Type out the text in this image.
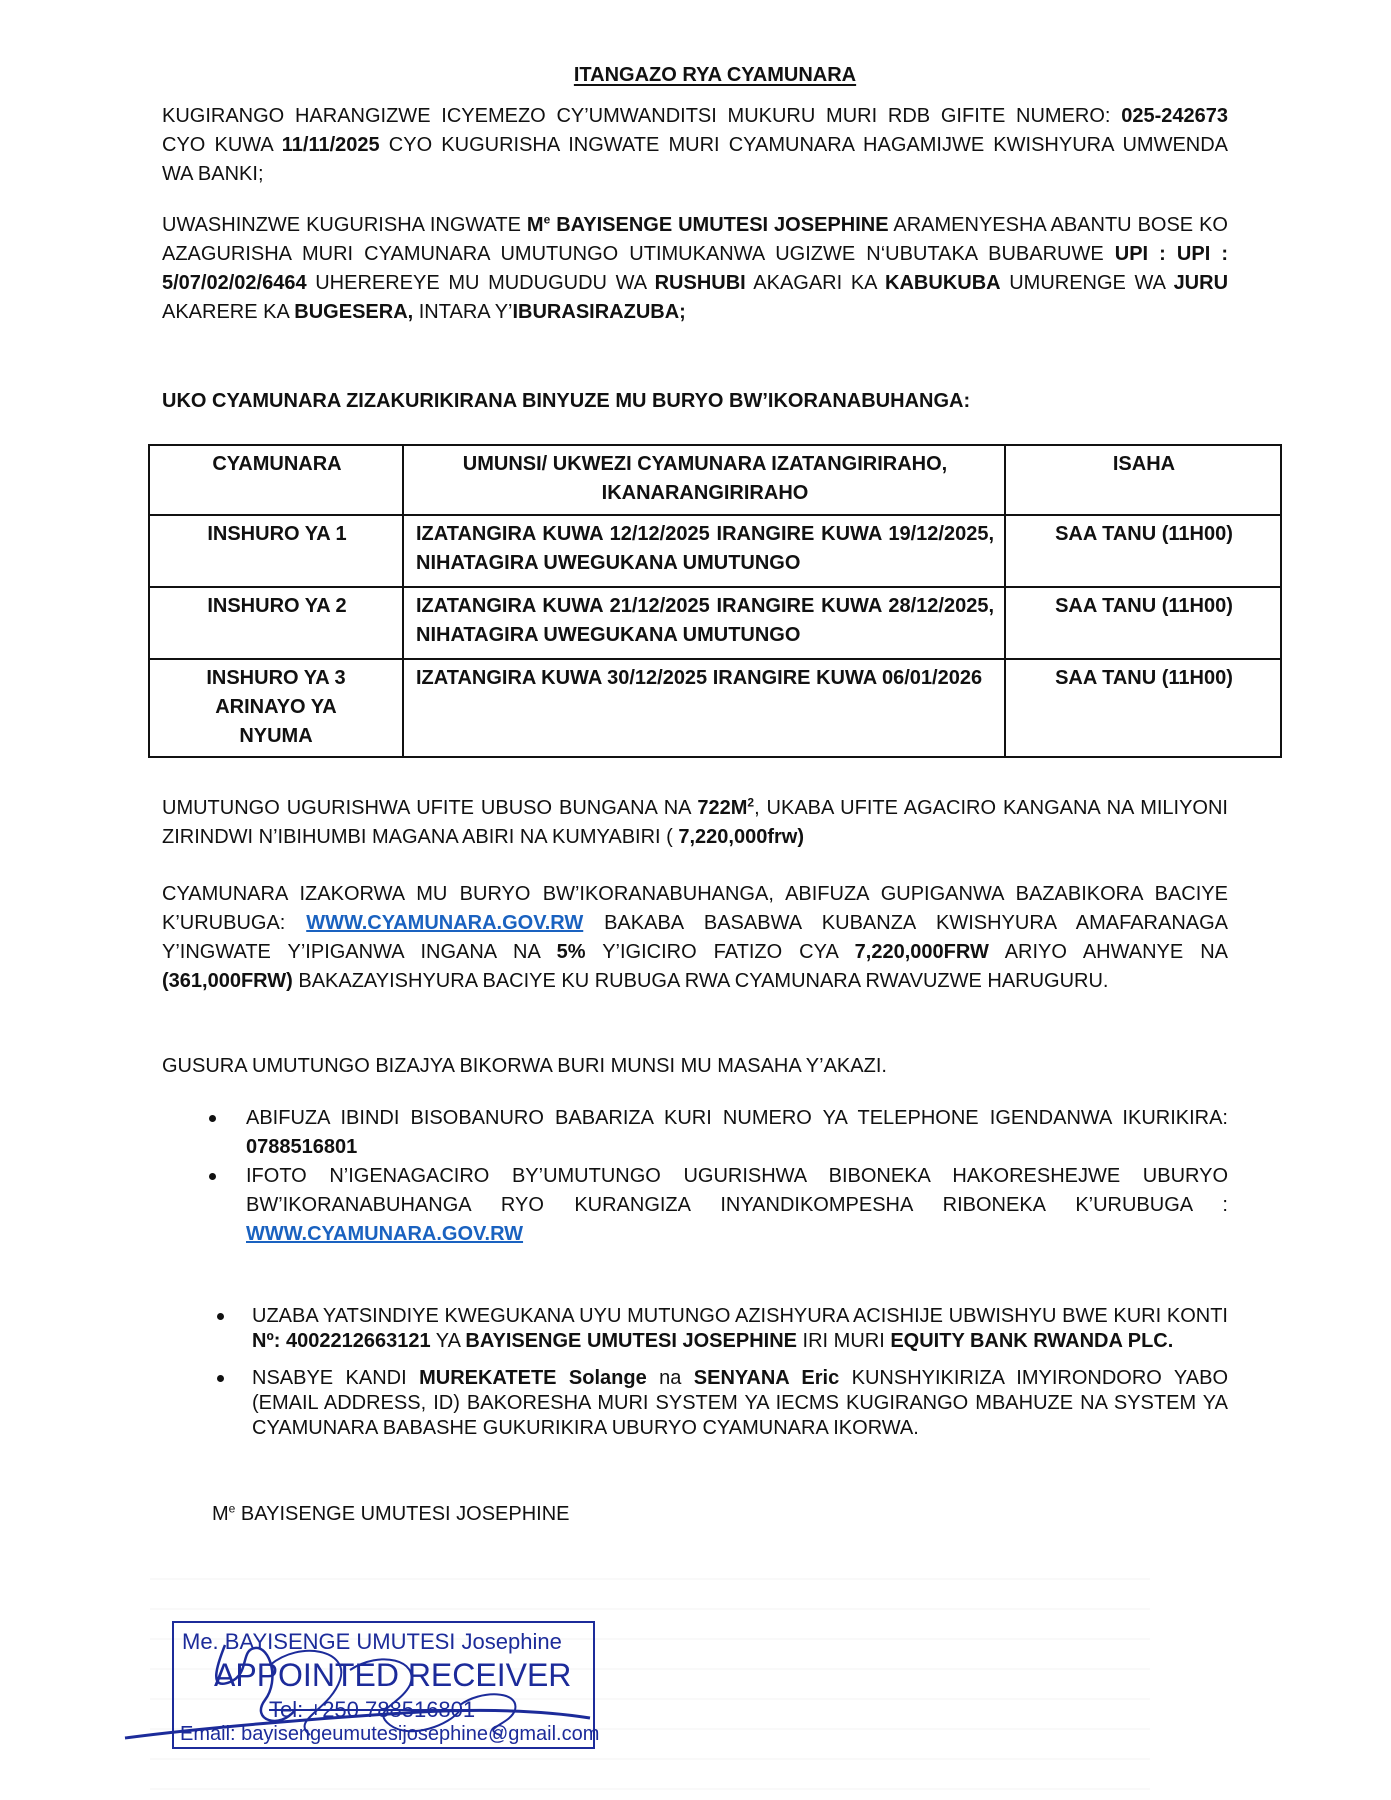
ITANGAZO RYA CYAMUNARA
KUGIRANGO HARANGIZWE ICYEMEZO CY’UMWANDITSI MUKURU MURI RDB GIFITE NUMERO: 025-242673 CYO KUWA 11/11/2025 CYO KUGURISHA INGWATE MURI CYAMUNARA HAGAMIJWE KWISHYURA UMWENDA WA BANKI;
UWASHINZWE KUGURISHA INGWATE Me BAYISENGE UMUTESI JOSEPHINE ARAMENYESHA ABANTU BOSE KO AZAGURISHA MURI CYAMUNARA UMUTUNGO UTIMUKANWA UGIZWE N‘UBUTAKA BUBARUWE UPI : UPI : 5/07/02/02/6464 UHEREREYE MU MUDUGUDU WA RUSHUBI AKAGARI KA KABUKUBA UMURENGE WA JURU AKARERE KA BUGESERA, INTARA Y’IBURASIRAZUBA;
UKO CYAMUNARA ZIZAKURIKIRANA BINYUZE MU BURYO BW’IKORANABUHANGA:
CYAMUNARA	UMUNSI/ UKWEZI CYAMUNARA IZATANGIRIRAHO, IKANARANGIRIRAHO	ISAHA
INSHURO YA 1	IZATANGIRA KUWA 12/12/2025 IRANGIRE KUWA 19/12/2025, NIHATAGIRA UWEGUKANA UMUTUNGO	SAA TANU (11H00)
INSHURO YA 2	IZATANGIRA KUWA 21/12/2025 IRANGIRE KUWA 28/12/2025, NIHATAGIRA UWEGUKANA UMUTUNGO	SAA TANU (11H00)
INSHURO YA 3 ARINAYO YA NYUMA	IZATANGIRA KUWA 30/12/2025 IRANGIRE KUWA 06/01/2026	SAA TANU (11H00)
UMUTUNGO UGURISHWA UFITE UBUSO BUNGANA NA $722M^2$, UKABA UFITE AGACIRO KANGANA NA MILIYONI ZIRINDWI N’IBIHUMBI MAGANA ABIRI NA KUMYABIRI ( 7,220,000frw)
CYAMUNARA IZAKORWA MU BURYO BW’IKORANABUHANGA, ABIFUZA GUPIGANWA BAZABIKORA BACIYE K’URUBUGA: WWW.CYAMUNARA.GOV.RW BAKABA BASABWA KUBANZA KWISHYURA AMAFARANAGA Y’INGWATE Y’IPIGANWA INGANA NA 5% Y’IGICIRO FATIZO CYA 7,220,000FRW ARIYO AHWANYE NA (361,000FRW) BAKAZAYISHYURA BACIYE KU RUBUGA RWA CYAMUNARA RWAVUZWE HARUGURU.
GUSURA UMUTUNGO BIZAJYA BIKORWA BURI MUNSI MU MASAHA Y’AKAZI.
ABIFUZA IBINDI BISOBANURO BABARIZA KURI NUMERO YA TELEPHONE IGENDANWA IKURIKIRA: 0788516801
IFOTO N’IGENAGACIRO BY’UMUTUNGO UGURISHWA BIBONEKA HAKORESHEJWE UBURYO BW’IKORANABUHANGA RYO KURANGIZA INYANDIKOMPESHA RIBONEKA K’URUBUGA : WWW.CYAMUNARA.GOV.RW
UZABA YATSINDIYE KWEGUKANA UYU MUTUNGO AZISHYURA ACISHIJE UBWISHYU BWE KURI KONTI Nº: 4002212663121 YA BAYISENGE UMUTESI JOSEPHINE IRI MURI EQUITY BANK RWANDA PLC.
NSABYE KANDI MUREKATETE Solange na SENYANA Eric KUNSHYIKIRIZA IMYIRONDORO YABO (EMAIL ADDRESS, ID) BAKORESHA MURI SYSTEM YA IECMS KUGIRANGO MBAHUZE NA SYSTEM YA CYAMUNARA BABASHE GUKURIKIRA UBURYO CYAMUNARA IKORWA.
Me BAYISENGE UMUTESI JOSEPHINE
Me. BAYISENGE UMUTESI Josephine
APPOINTED RECEIVER
Tel: +250 788516801
Email: bayisengeumutesijosephine@gmail.com
